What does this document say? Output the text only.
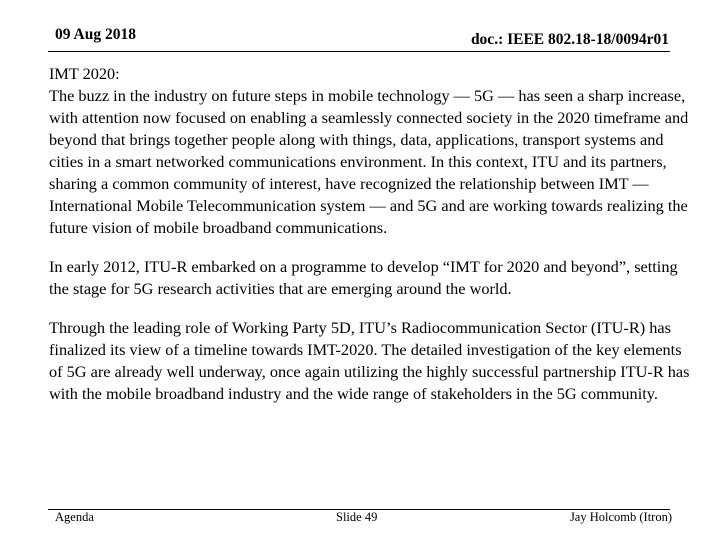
09 Aug 2018	doc.: IEEE 802.18-18/0094r01

IMT 2020:
The buzz in the industry on future steps in mobile technology — 5G — has seen a sharp increase, with attention now focused on enabling a seamlessly connected society in the 2020 timeframe and beyond that brings together people along with things, data, applications, transport systems and cities in a smart networked communications environment. In this context, ITU and its partners, sharing a common community of interest, have recognized the relationship between IMT — International Mobile Telecommunication system — and 5G and are working towards realizing the future vision of mobile broadband communications.

In early 2012, ITU-R embarked on a programme to develop “IMT for 2020 and beyond”, setting the stage for 5G research activities that are emerging around the world.

Through the leading role of Working Party 5D, ITU’s Radiocommunication Sector (ITU-R) has finalized its view of a timeline towards IMT-2020. The detailed investigation of the key elements of 5G are already well underway, once again utilizing the highly successful partnership ITU-R has with the mobile broadband industry and the wide range of stakeholders in the 5G community.

Agenda	Slide 49	Jay Holcomb (Itron)
